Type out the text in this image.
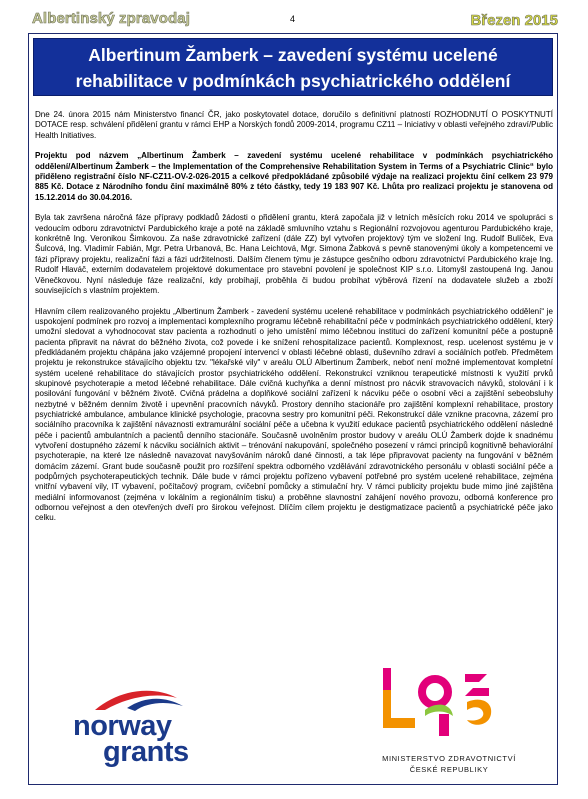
Albertinský zpravodaj	4	Březen 2015
Albertinum Žamberk – zavedení systému ucelené
rehabilitace v podmínkách psychiatrického oddělení

Dne 24. února 2015 nám Ministerstvo financí ČR, jako poskytovatel dotace, doručilo s definitivní platností ROZHODNUTÍ O POSKYTNUTÍ DOTACE resp. schválení přidělení grantu v rámci EHP a Norských fondů 2009-2014, programu CZ11 – Iniciativy v oblasti veřejného zdraví/Public Health Initiatives.

Projektu pod názvem „Albertinum Žamberk – zavedení systému ucelené rehabilitace v podmínkách psychiatrického oddělení/Albertinum Žamberk – the Implementation of the Comprehensive Rehabilitation System in Terms of a Psychiatric Clinic“ bylo přiděleno registrační číslo NF-CZ11-OV-2-026-2015 a celkové předpokládané způsobilé výdaje na realizaci projektu činí celkem 23 979 885 Kč. Dotace z Národního fondu činí maximálně 80% z této částky, tedy 19 183 907 Kč. Lhůta pro realizaci projektu je stanovena od 15.12.2014 do 30.04.2016.

Byla tak završena náročná fáze přípravy podkladů žádosti o přidělení grantu, která započala již v letních měsících roku 2014 ve spolupráci s vedoucím odboru zdravotnictví Pardubického kraje a poté na základě smluvního vztahu s Regionální rozvojovou agenturou Pardubického kraje, konkrétně Ing. Veronikou Šimkovou. Za naše zdravotnické zařízení (dále ZZ) byl vytvořen projektový tým ve složení Ing. Rudolf Bulíček, Eva Šulcová, Ing. Vladimír Fabián, Mgr. Petra Urbanová, Bc. Hana Leichtová, Mgr. Simona Žabková s pevně stanovenými úkoly a kompetencemi ve fázi přípravy projektu, realizační fázi a fázi udržitelnosti. Dalším členem týmu je zástupce gesčního odboru zdravotnictví Pardubického kraje Ing. Rudolf Hlaváč, externím dodavatelem projektové dokumentace pro stavební povolení je společnost KIP s.r.o. Litomyšl zastoupená Ing. Janou Věnečkovou. Nyní následuje fáze realizační, kdy probíhají, proběhla či budou probíhat výběrová řízení na dodavatele služeb a zboží souvisejících s vlastním projektem.

Hlavním cílem realizovaného projektu „Albertinum Žamberk - zavedení systému ucelené rehabilitace v podmínkách psychiatrického oddělení“ je uspokojení podmínek pro rozvoj a implementaci komplexního programu léčebně rehabilitační péče v podmínkách psychiatrického oddělení, který umožní sledovat a vyhodnocovat stav pacienta a rozhodnutí o jeho umístění mimo léčebnou instituci do zařízení komunitní péče a postupně pacienta připravit na návrat do běžného života, což povede i ke snížení rehospitalizace pacientů. Komplexnost, resp. ucelenost systému je v předkládaném projektu chápána jako vzájemné propojení intervencí v oblasti léčebné oblasti, duševního zdraví a sociálních potřeb. Předmětem projektu je rekonstrukce stávajícího objektu tzv. "lékařské vily" v areálu OLÚ Albertinum Žamberk, neboť není možné implementovat kompletní systém ucelené rehabilitace do stávajících prostor psychiatrického oddělení. Rekonstrukcí vzniknou terapeutické místnosti k využití prvků skupinové psychoterapie a metod léčebné rehabilitace. Dále cvičná kuchyňka a denní místnost pro nácvik stravovacích návyků, stolování i k posilování fungování v běžném životě. Cvičná prádelna a doplňkové sociální zařízení k nácviku péče o osobní věci a zajištění sebeobsluhy nezbytné v běžném denním životě i upevnění pracovních návyků. Prostory denního stacionáře pro zajištění komplexní rehabilitace, prostory psychiatrické ambulance, ambulance klinické psychologie, pracovna sestry pro komunitní péči. Rekonstrukcí dále vznikne pracovna, zázemí pro sociálního pracovníka k zajištění návaznosti extramurální sociální péče a učebna k využití edukace pacientů psychiatrického oddělení následné péče i pacientů ambulantních a pacientů denního stacionáře. Současně uvolněním prostor budovy v areálu OLÚ Žamberk dojde k snadnému vytvoření dostupného zázemí k nácviku sociálních aktivit – trénování nakupování, společného posezení v rámci principů kognitivně behaviorální psychoterapie, na které lze následně navazovat navyšováním nároků dané činnosti, a tak lépe připravovat pacienty na fungování v běžném domácím zázemí. Grant bude současně použit pro rozšíření spektra odborného vzdělávání zdravotnického personálu v oblasti sociální péče a podpůrných psychoterapeutických technik. Dále bude v rámci projektu pořízeno vybavení potřebné pro systém ucelené rehabilitace, zejména vnitřní vybavení vily, IT vybavení, počítačový program, cvičební pomůcky a stimulační hry. V rámci publicity projektu bude mimo jiné zajištěna mediální informovanost (zejména v lokálním a regionálním tisku) a proběhne slavnostní zahájení nového provozu, odborná konference pro odbornou veřejnost a den otevřených dveří pro širokou veřejnost. Dlíčím cílem projektu je destigmatizace pacientů a psychiatrické péče jako celku.

norway
grants	MINISTERSTVO ZDRAVOTNICTVÍ
ČESKÉ REPUBLIKY
